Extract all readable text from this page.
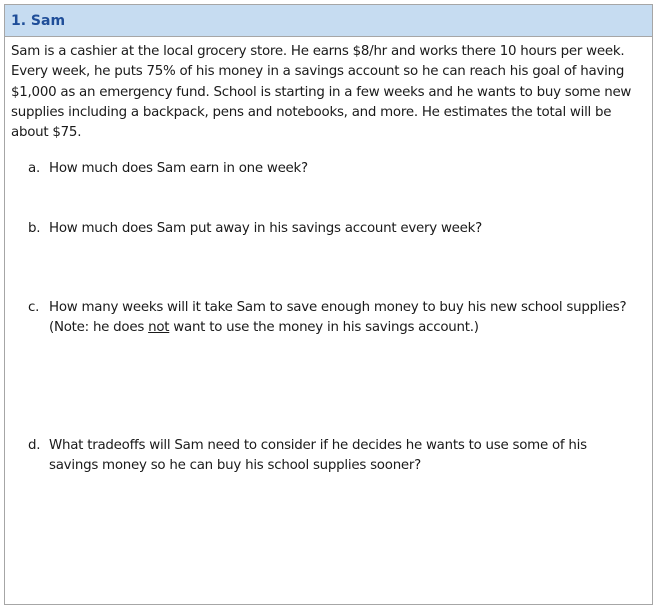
1. Sam

Sam is a cashier at the local grocery store. He earns $8/hr and works there 10 hours per week. Every week, he puts 75% of his money in a savings account so he can reach his goal of having $1,000 as an emergency fund. School is starting in a few weeks and he wants to buy some new supplies including a backpack, pens and notebooks, and more. He estimates the total will be about $75.

a. How much does Sam earn in one week?
b. How much does Sam put away in his savings account every week?
c. How many weeks will it take Sam to save enough money to buy his new school supplies? (Note: he does not want to use the money in his savings account.)
d. What tradeoffs will Sam need to consider if he decides he wants to use some of his savings money so he can buy his school supplies sooner?
